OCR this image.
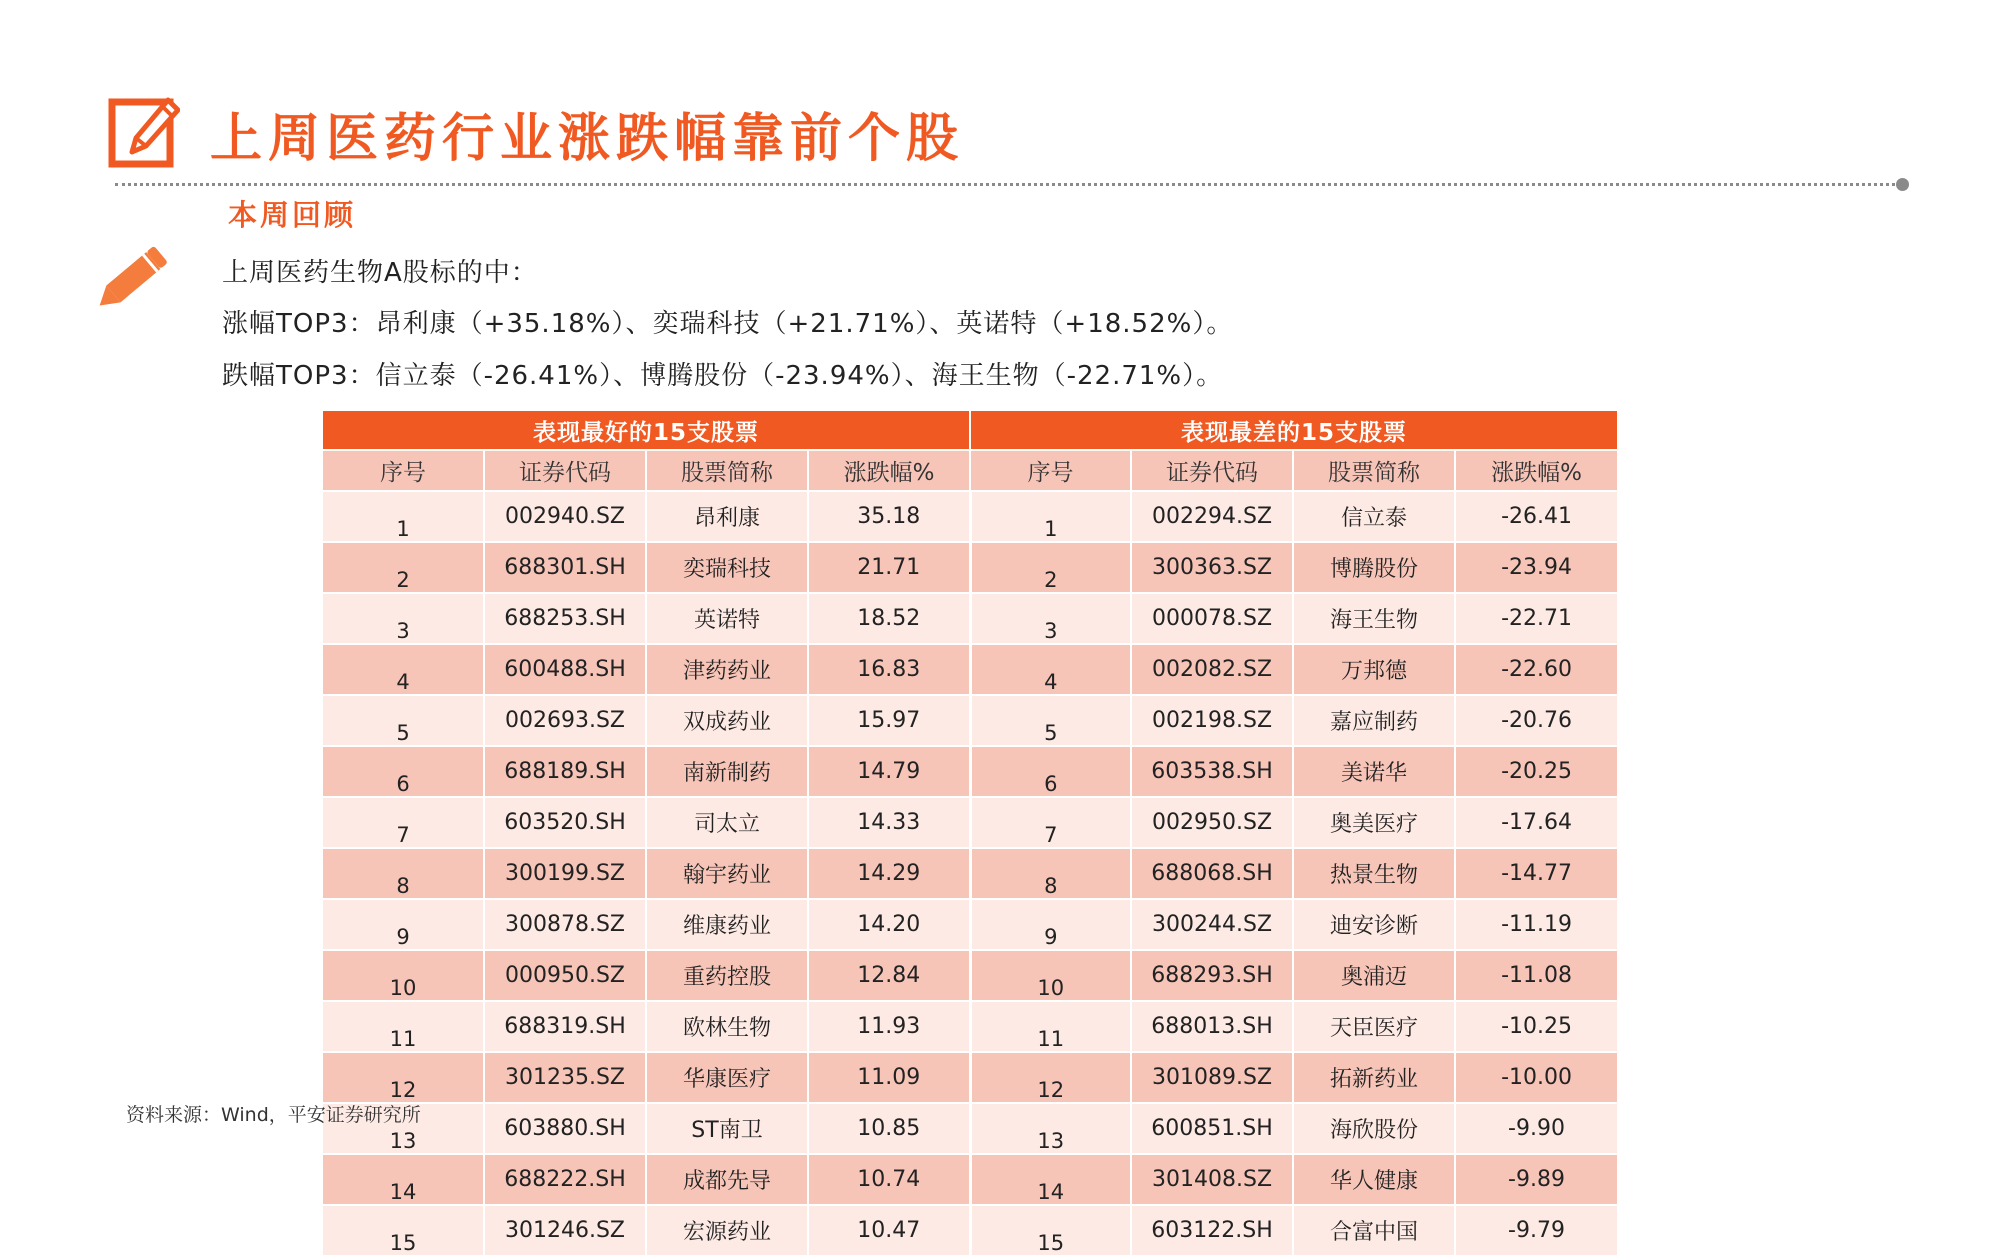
上周医药行业涨跌幅靠前个股
本周回顾
上周医药生物A股标的中：
涨幅TOP3：昂利康（+35.18%）、奕瑞科技（+21.71%）、英诺特（+18.52%）。
跌幅TOP3：信立泰（-26.41%）、博腾股份（-23.94%）、海王生物（-22.71%）。
表现最好的15支股票				表现最差的15支股票			
序号	证券代码	股票简称	涨跌幅%	序号	证券代码	股票简称	涨跌幅%
1	002940.SZ	昂利康	35.18	1	002294.SZ	信立泰	-26.41
2	688301.SH	奕瑞科技	21.71	2	300363.SZ	博腾股份	-23.94
3	688253.SH	英诺特	18.52	3	000078.SZ	海王生物	-22.71
4	600488.SH	津药药业	16.83	4	002082.SZ	万邦德	-22.60
5	002693.SZ	双成药业	15.97	5	002198.SZ	嘉应制药	-20.76
6	688189.SH	南新制药	14.79	6	603538.SH	美诺华	-20.25
7	603520.SH	司太立	14.33	7	002950.SZ	奥美医疗	-17.64
8	300199.SZ	翰宇药业	14.29	8	688068.SH	热景生物	-14.77
9	300878.SZ	维康药业	14.20	9	300244.SZ	迪安诊断	-11.19
10	000950.SZ	重药控股	12.84	10	688293.SH	奥浦迈	-11.08
11	688319.SH	欧林生物	11.93	11	688013.SH	天臣医疗	-10.25
12	301235.SZ	华康医疗	11.09	12	301089.SZ	拓新药业	-10.00
13	603880.SH	ST南卫	10.85	13	600851.SH	海欣股份	-9.90
14	688222.SH	成都先导	10.74	14	301408.SZ	华人健康	-9.89
15	301246.SZ	宏源药业	10.47	15	603122.SH	合富中国	-9.79
资料来源：Wind，平安证券研究所
